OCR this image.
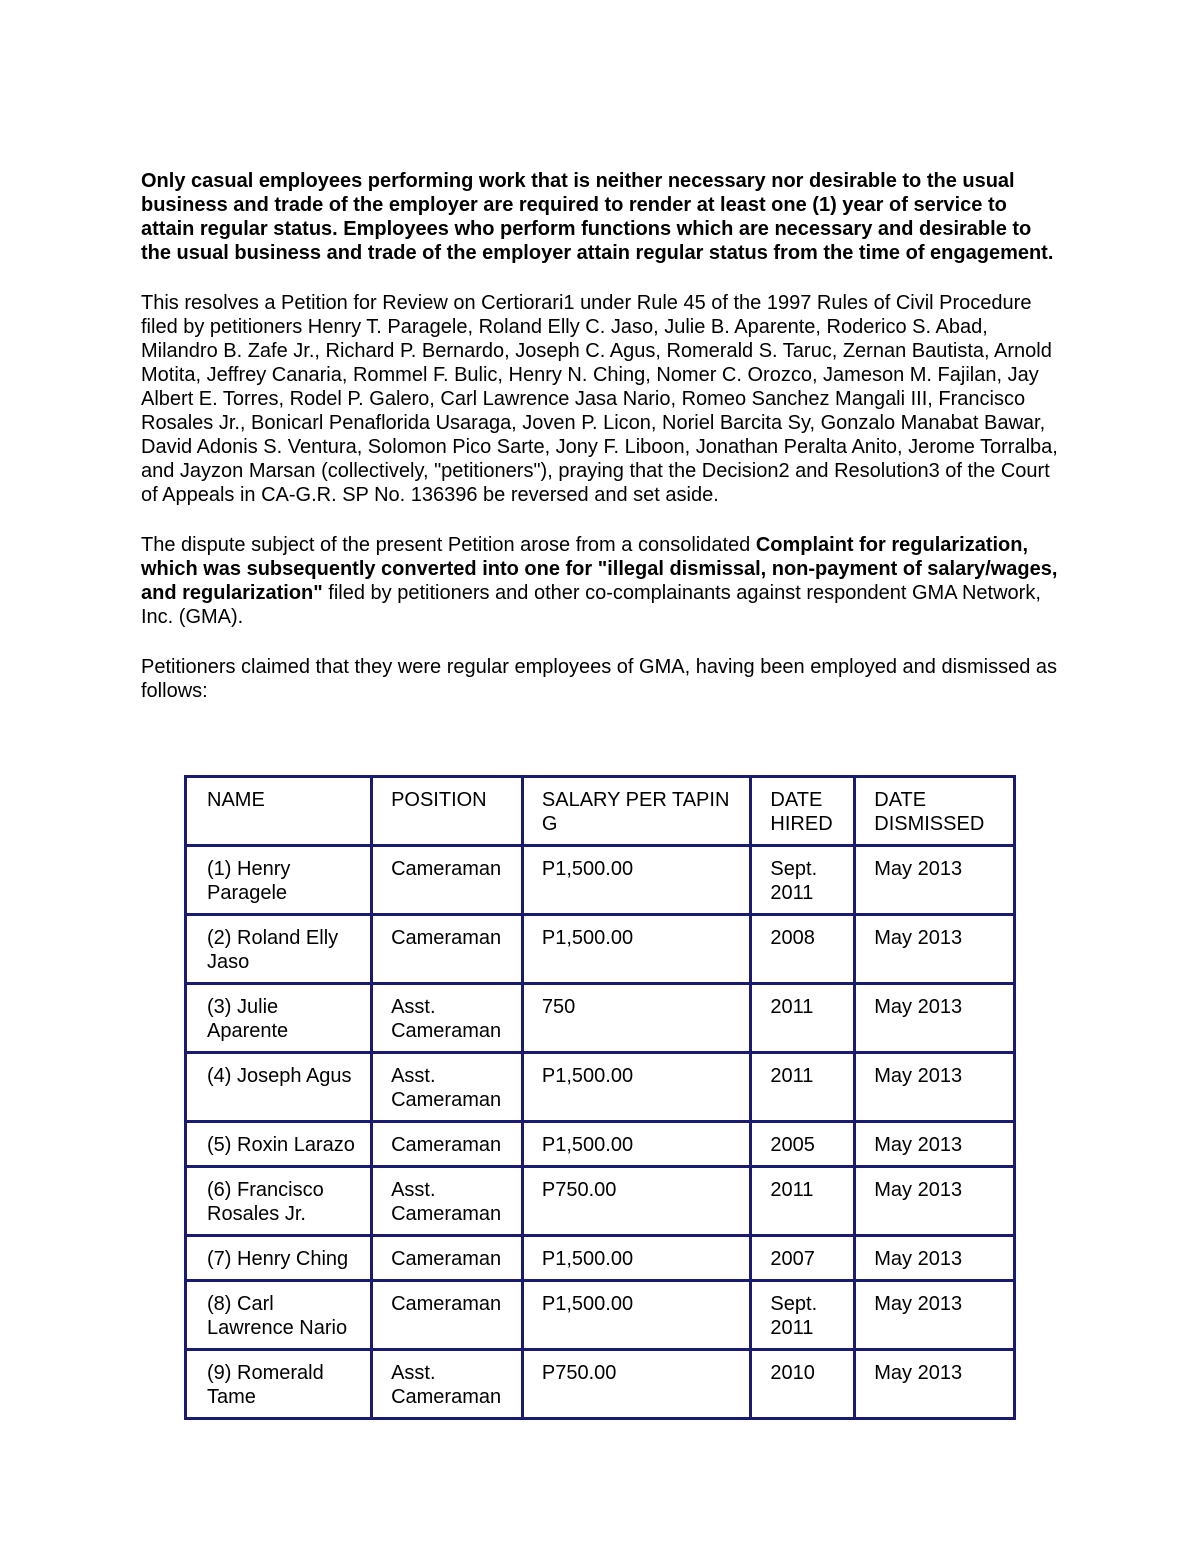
Only casual employees performing work that is neither necessary nor desirable to the usual business and trade of the employer are required to render at least one (1) year of service to attain regular status. Employees who perform functions which are necessary and desirable to the usual business and trade of the employer attain regular status from the time of engagement.

This resolves a Petition for Review on Certiorari1 under Rule 45 of the 1997 Rules of Civil Procedure filed by petitioners Henry T. Paragele, Roland Elly C. Jaso, Julie B. Aparente, Roderico S. Abad, Milandro B. Zafe Jr., Richard P. Bernardo, Joseph C. Agus, Romerald S. Taruc, Zernan Bautista, Arnold Motita, Jeffrey Canaria, Rommel F. Bulic, Henry N. Ching, Nomer C. Orozco, Jameson M. Fajilan, Jay Albert E. Torres, Rodel P. Galero, Carl Lawrence Jasa Nario, Romeo Sanchez Mangali III, Francisco Rosales Jr., Bonicarl Penaflorida Usaraga, Joven P. Licon, Noriel Barcita Sy, Gonzalo Manabat Bawar, David Adonis S. Ventura, Solomon Pico Sarte, Jony F. Liboon, Jonathan Peralta Anito, Jerome Torralba, and Jayzon Marsan (collectively, "petitioners"), praying that the Decision2 and Resolution3 of the Court of Appeals in CA-G.R. SP No. 136396 be reversed and set aside.

The dispute subject of the present Petition arose from a consolidated Complaint for regularization, which was subsequently converted into one for "illegal dismissal, non-payment of salary/wages, and regularization" filed by petitioners and other co-complainants against respondent GMA Network, Inc. (GMA).

Petitioners claimed that they were regular employees of GMA, having been employed and dismissed as follows:

NAME	POSITION	SALARY PER TAPIN G	DATE HIRED	DATE DISMISSED
(1) Henry Paragele	Cameraman	P1,500.00	Sept. 2011	May 2013
(2) Roland Elly Jaso	Cameraman	P1,500.00	2008	May 2013
(3) Julie Aparente	Asst. Cameraman	750	2011	May 2013
(4) Joseph Agus	Asst. Cameraman	P1,500.00	2011	May 2013
(5) Roxin Larazo	Cameraman	P1,500.00	2005	May 2013
(6) Francisco Rosales Jr.	Asst. Cameraman	P750.00	2011	May 2013
(7) Henry Ching	Cameraman	P1,500.00	2007	May 2013
(8) Carl Lawrence Nario	Cameraman	P1,500.00	Sept. 2011	May 2013
(9) Romerald Tame	Asst. Cameraman	P750.00	2010	May 2013
